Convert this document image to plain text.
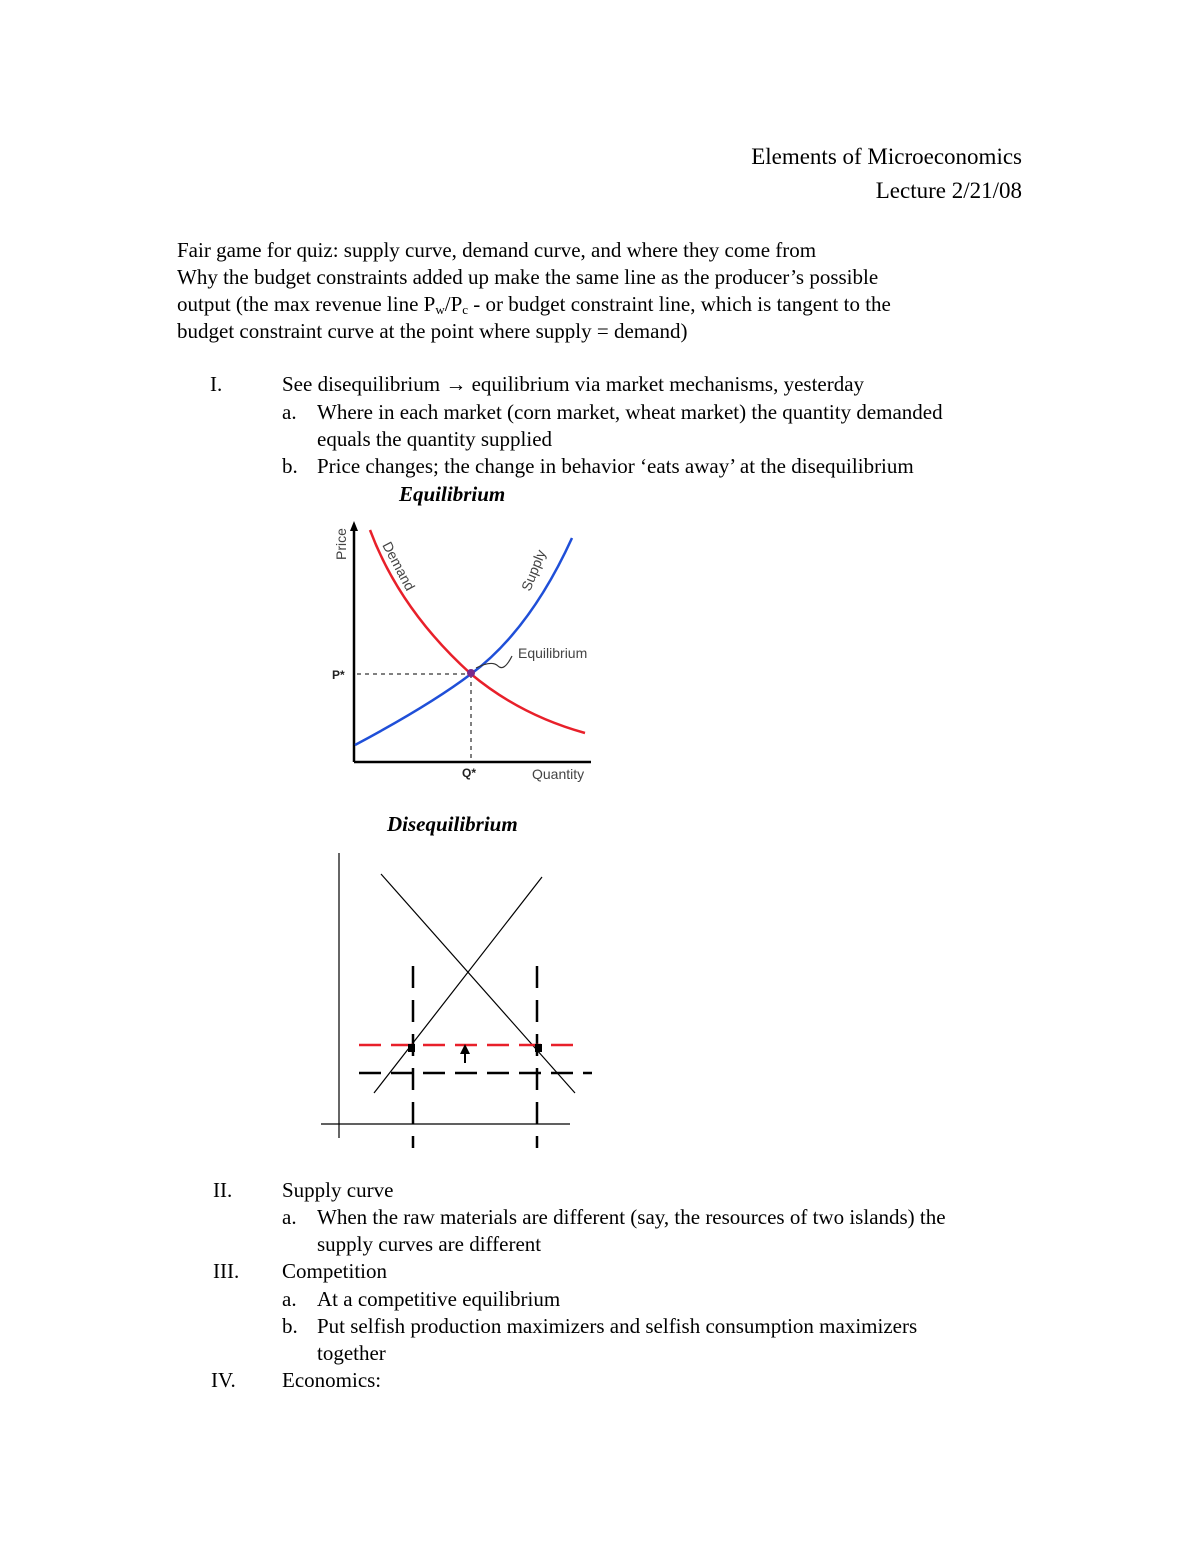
Elements of Microeconomics
Lecture 2/21/08
Fair game for quiz: supply curve, demand curve, and where they come from
Why the budget constraints added up make the same line as the producer’s possible
output (the max revenue line $P_w/P_c$ - or budget constraint line, which is tangent to the
budget constraint curve at the point where supply = demand)
I.	See disequilibrium → equilibrium via market mechanisms, yesterday
a. Where in each market (corn market, wheat market) the quantity demanded
equals the quantity supplied
b. Price changes; the change in behavior ‘eats away’ at the disequilibrium
Equilibrium
Price Demand	Supply
Equilibrium
P*
Q*	Quantity
Disequilibrium
II. Supply curve
a. When the raw materials are different (say, the resources of two islands) the
supply curves are different
III. Competition
a. At a competitive equilibrium
b. Put selfish production maximizers and selfish consumption maximizers
together
IV. Economics:
